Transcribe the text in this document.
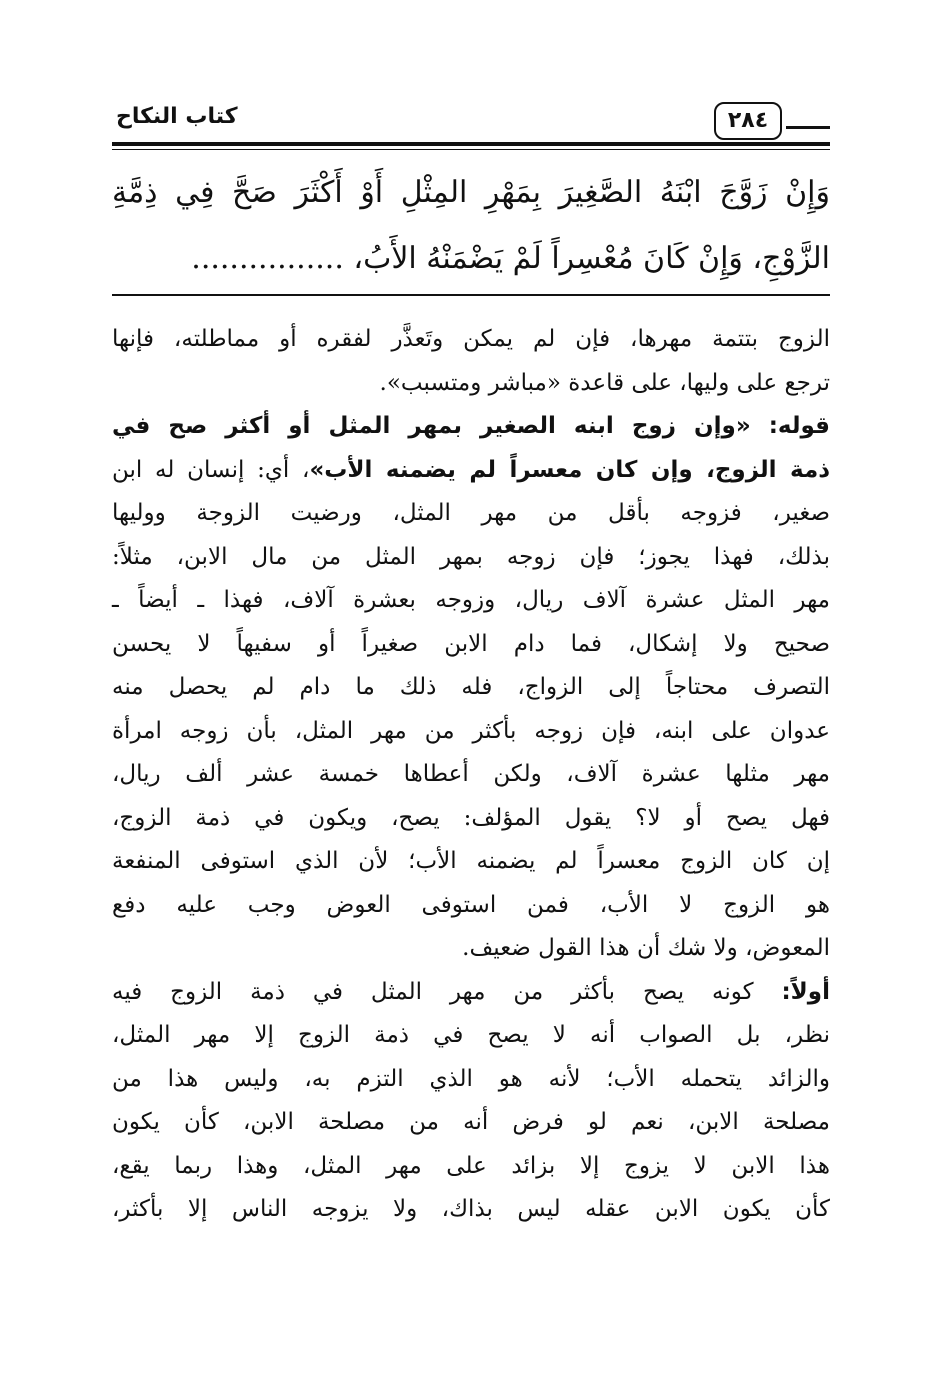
كتاب النكاح	٢٨٤
وَإِنْ زَوَّجَ ابْنَهُ الصَّغِيرَ بِمَهْرِ المِثْلِ أَوْ أَكْثَرَ صَحَّ فِي ذِمَّةِ
الزَّوْجِ، وَإِنْ كَانَ مُعْسِراً لَمْ يَضْمَنْهُ الأَبُ، ................
الزوج بتتمة مهرها، فإن لم يمكن وتَعذَّر لفقره أو مماطلته، فإنها
ترجع على وليها، على قاعدة «مباشر ومتسبب».
قوله: «وإن زوج ابنه الصغير بمهر المثل أو أكثر صح في
ذمة الزوج، وإن كان معسراً لم يضمنه الأب»، أي: إنسان له ابن
صغير، فزوجه بأقل من مهر المثل، ورضيت الزوجة ووليها
بذلك، فهذا يجوز؛ فإن زوجه بمهر المثل من مال الابن، مثلاً:
مهر المثل عشرة آلاف ريال، وزوجه بعشرة آلاف، فهذا ـ أيضاً ـ
صحيح ولا إشكال، فما دام الابن صغيراً أو سفيهاً لا يحسن
التصرف محتاجاً إلى الزواج، فله ذلك ما دام لم يحصل منه
عدوان على ابنه، فإن زوجه بأكثر من مهر المثل، بأن زوجه امرأة
مهر مثلها عشرة آلاف، ولكن أعطاها خمسة عشر ألف ريال،
فهل يصح أو لا؟ يقول المؤلف: يصح، ويكون في ذمة الزوج،
إن كان الزوج معسراً لم يضمنه الأب؛ لأن الذي استوفى المنفعة
هو الزوج لا الأب، فمن استوفى العوض وجب عليه دفع
المعوض، ولا شك أن هذا القول ضعيف.
أولاً: كونه يصح بأكثر من مهر المثل في ذمة الزوج فيه
نظر، بل الصواب أنه لا يصح في ذمة الزوج إلا مهر المثل،
والزائد يتحمله الأب؛ لأنه هو الذي التزم به، وليس هذا من
مصلحة الابن، نعم لو فرض أنه من مصلحة الابن، كأن يكون
هذا الابن لا يزوج إلا بزائد على مهر المثل، وهذا ربما يقع،
كأن يكون الابن عقله ليس بذاك، ولا يزوجه الناس إلا بأكثر،
